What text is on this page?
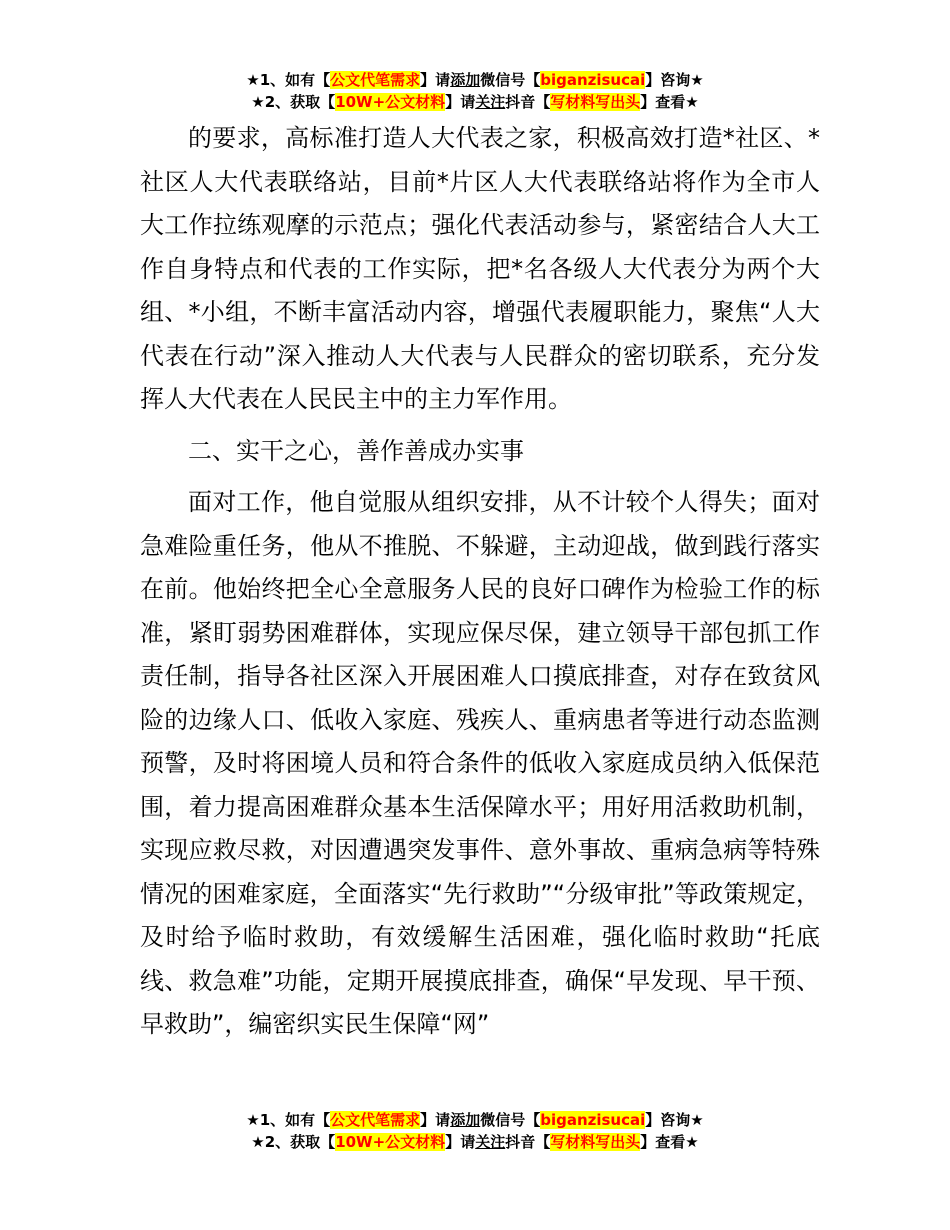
★1、如有【公文代笔需求】请添加微信号【biganzisucai】咨询★
★2、获取【10W+公文材料】请关注抖音【写材料写出头】查看★

的要求，高标准打造人大代表之家，积极高效打造*社区、*社区人大代表联络站，目前*片区人大代表联络站将作为全市人大工作拉练观摩的示范点；强化代表活动参与，紧密结合人大工作自身特点和代表的工作实际，把*名各级人大代表分为两个大组、*小组，不断丰富活动内容，增强代表履职能力，聚焦“人大代表在行动”深入推动人大代表与人民群众的密切联系，充分发挥人大代表在人民民主中的主力军作用。

二、实干之心，善作善成办实事

面对工作，他自觉服从组织安排，从不计较个人得失；面对急难险重任务，他从不推脱、不躲避，主动迎战，做到践行落实在前。他始终把全心全意服务人民的良好口碑作为检验工作的标准，紧盯弱势困难群体，实现应保尽保，建立领导干部包抓工作责任制，指导各社区深入开展困难人口摸底排查，对存在致贫风险的边缘人口、低收入家庭、残疾人、重病患者等进行动态监测预警，及时将困境人员和符合条件的低收入家庭成员纳入低保范围，着力提高困难群众基本生活保障水平；用好用活救助机制，实现应救尽救，对因遭遇突发事件、意外事故、重病急病等特殊情况的困难家庭，全面落实“先行救助”“分级审批”等政策规定，及时给予临时救助，有效缓解生活困难，强化临时救助“托底线、救急难”功能，定期开展摸底排查，确保“早发现、早干预、早救助”，编密织实民生保障“网”

★1、如有【公文代笔需求】请添加微信号【biganzisucai】咨询★
★2、获取【10W+公文材料】请关注抖音【写材料写出头】查看★
